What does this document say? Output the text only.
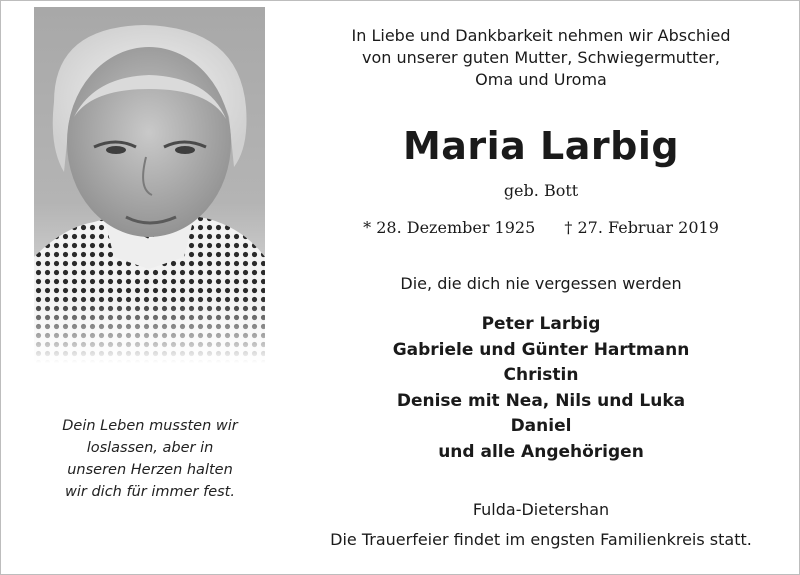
Dein Leben mussten wir
loslassen, aber in
unseren Herzen halten
wir dich für immer fest.
In Liebe und Dankbarkeit nehmen wir Abschied
von unserer guten Mutter, Schwiegermutter,
Oma und Uroma
Maria Larbig
geb. Bott
* 28. Dezember 1925 † 27. Februar 2019
Die, die dich nie vergessen werden
Peter Larbig
Gabriele und Günter Hartmann
Christin
Denise mit Nea, Nils und Luka
Daniel
und alle Angehörigen
Fulda-Dietershan
Die Trauerfeier findet im engsten Familienkreis statt.
